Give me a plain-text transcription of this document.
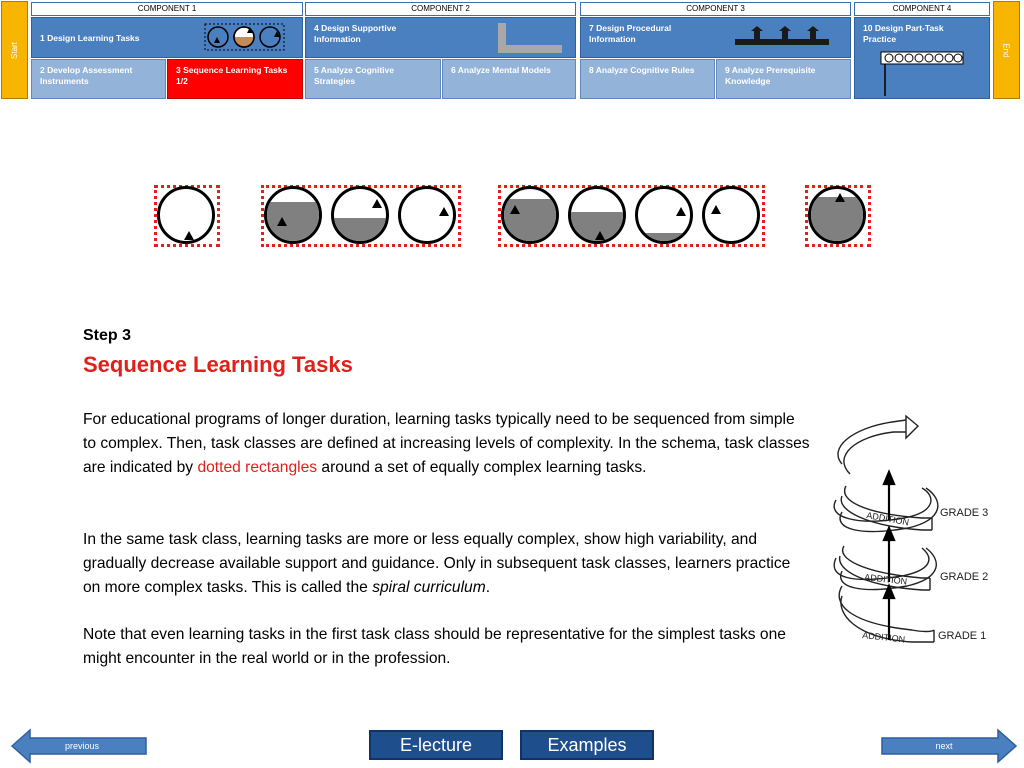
Start	End
COMPONENT 1	COMPONENT 2	COMPONENT 3	COMPONENT 4
1 Design Learning Tasks
2 Develop Assessment Instruments
3 Sequence Learning Tasks 1/2
4 Design Supportive Information
5 Analyze Cognitive Strategies
6 Analyze Mental Models
7 Design Procedural Information
8 Analyze Cognitive Rules	9 Analyze Prerequisite Knowledge
10 Design Part-Task Practice
Step 3
Sequence Learning Tasks
For educational programs of longer duration, learning tasks typically need to be sequenced from simple to complex. Then, task classes are defined at increasing levels of complexity. In the schema, task classes are indicated by dotted rectangles around a set of equally complex learning tasks.
In the same task class, learning tasks are more or less equally complex, show high variability, and gradually decrease available support and guidance. Only in subsequent task classes, learners practice on more complex tasks. This is called the spiral curriculum.
Note that even learning tasks in the first task class should be representative for the simplest tasks one might encounter in the real world or in the profession.
ADDITION
ADDITION
ADDITION	GRADE 3
GRADE 2
GRADE 1
previous	E-lecture	Examples	next
